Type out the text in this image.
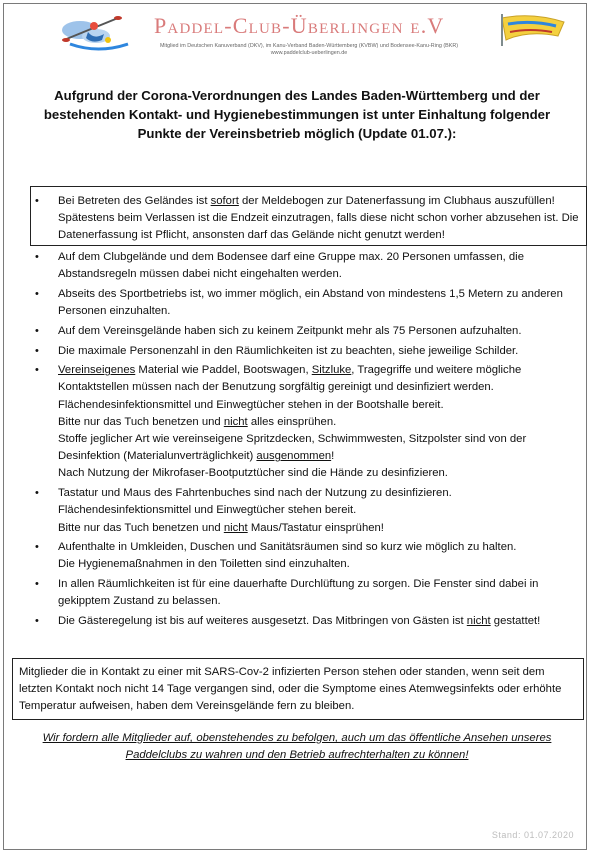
Paddel-Club-Überlingen e.V
Mitglied im Deutschen Kanuverband (DKV), im Kanu-Verband Baden-Württemberg (KVBW) und Bodensee-Kanu-Ring (BKR)
www.paddelclub-ueberlingen.de
Aufgrund der Corona-Verordnungen des Landes Baden-Württemberg und der bestehenden Kontakt- und Hygienebestimmungen ist unter Einhaltung folgender Punkte der Vereinsbetrieb möglich (Update 01.07.):
• Bei Betreten des Geländes ist sofort der Meldebogen zur Datenerfassung im Clubhaus auszufüllen! Spätestens beim Verlassen ist die Endzeit einzutragen, falls diese nicht schon vorher abzusehen ist. Die Datenerfassung ist Pflicht, ansonsten darf das Gelände nicht genutzt werden!
• Auf dem Clubgelände und dem Bodensee darf eine Gruppe max. 20 Personen umfassen, die Abstandsregeln müssen dabei nicht eingehalten werden.
• Abseits des Sportbetriebs ist, wo immer möglich, ein Abstand von mindestens 1,5 Metern zu anderen Personen einzuhalten.
• Auf dem Vereinsgelände haben sich zu keinem Zeitpunkt mehr als 75 Personen aufzuhalten.
• Die maximale Personenzahl in den Räumlichkeiten ist zu beachten, siehe jeweilige Schilder.
• Vereinseigenes Material wie Paddel, Bootswagen, Sitzluke, Tragegriffe und weitere mögliche Kontaktstellen müssen nach der Benutzung sorgfältig gereinigt und desinfiziert werden.
Flächendesinfektionsmittel und Einwegtücher stehen in der Bootshalle bereit.
Bitte nur das Tuch benetzen und nicht alles einsprühen.
Stoffe jeglicher Art wie vereinseigene Spritzdecken, Schwimmwesten, Sitzpolster sind von der Desinfektion (Materialunverträglichkeit) ausgenommen!
Nach Nutzung der Mikrofaser-Bootputztücher sind die Hände zu desinfizieren.
• Tastatur und Maus des Fahrtenbuches sind nach der Nutzung zu desinfizieren.
Flächendesinfektionsmittel und Einwegtücher stehen bereit.
Bitte nur das Tuch benetzen und nicht Maus/Tastatur einsprühen!
• Aufenthalte in Umkleiden, Duschen und Sanitätsräumen sind so kurz wie möglich zu halten.
Die Hygienemaßnahmen in den Toiletten sind einzuhalten.
• In allen Räumlichkeiten ist für eine dauerhafte Durchlüftung zu sorgen. Die Fenster sind dabei in gekipptem Zustand zu belassen.
• Die Gästeregelung ist bis auf weiteres ausgesetzt. Das Mitbringen von Gästen ist nicht gestattet!
Mitglieder die in Kontakt zu einer mit SARS-Cov-2 infizierten Person stehen oder standen, wenn seit dem letzten Kontakt noch nicht 14 Tage vergangen sind, oder die Symptome eines Atemwegsinfekts oder erhöhte Temperatur aufweisen, haben dem Vereinsgelände fern zu bleiben.
Wir fordern alle Mitglieder auf, obenstehendes zu befolgen, auch um das öffentliche Ansehen unseres Paddelclubs zu wahren und den Betrieb aufrechterhalten zu können!
Stand: 01.07.2020
